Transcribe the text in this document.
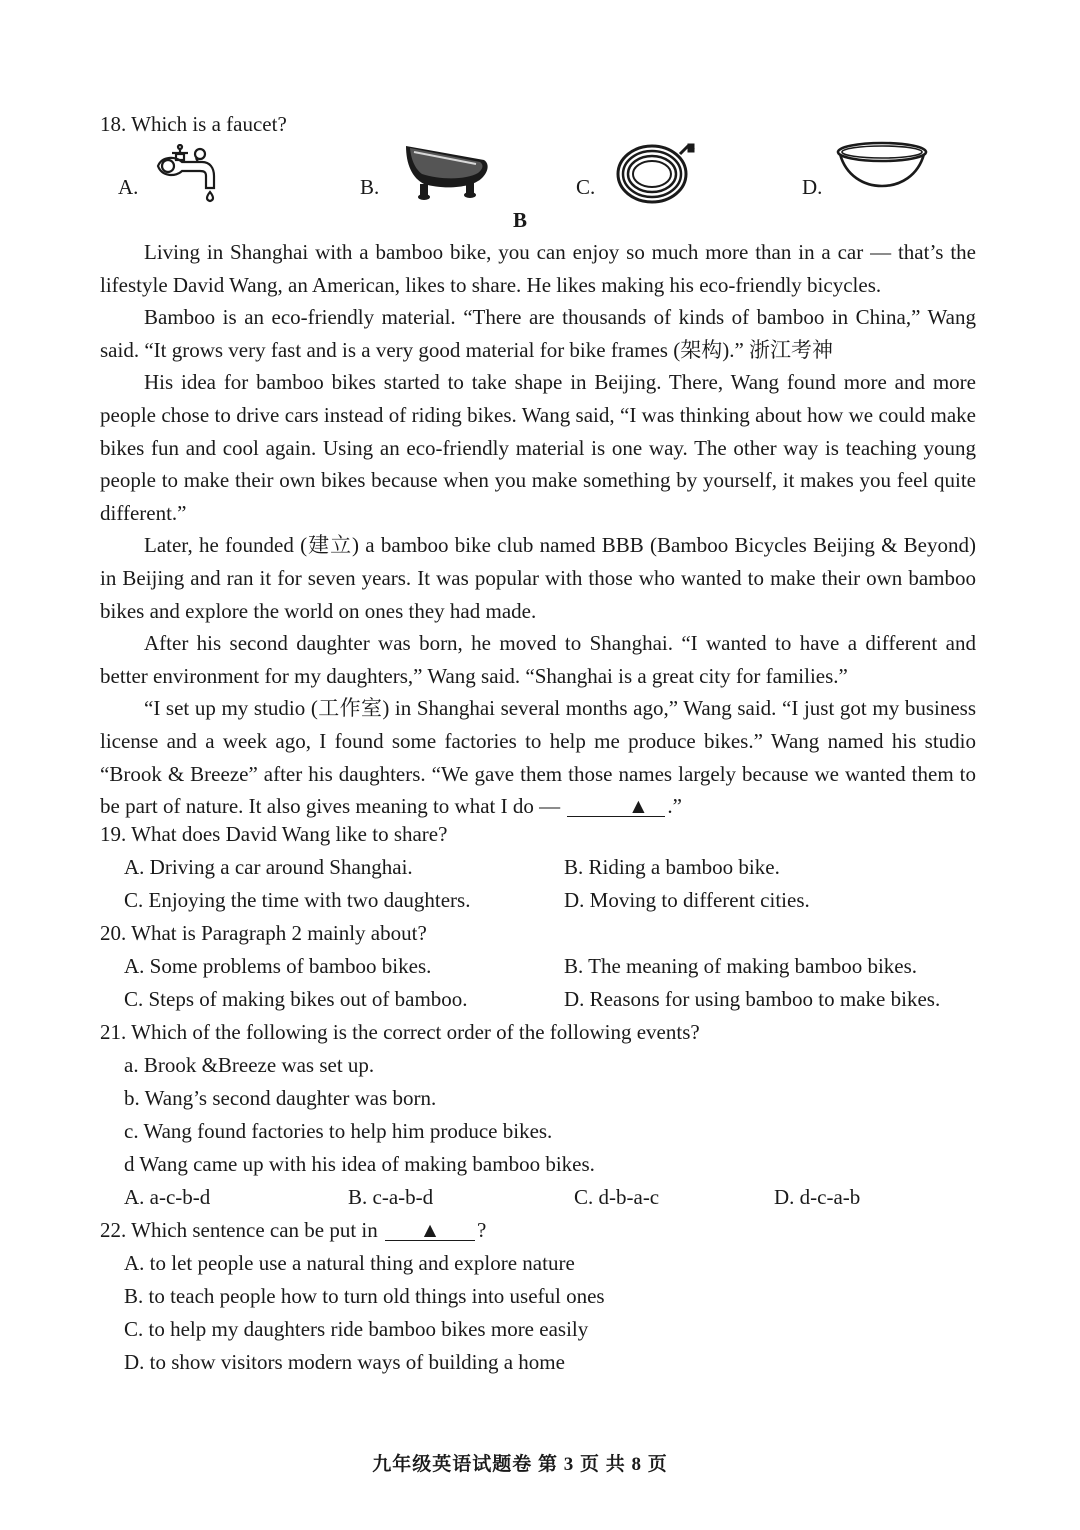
18. Which is a faucet?
A.	B.	C.	D.
B

Living in Shanghai with a bamboo bike, you can enjoy so much more than in a car — that’s the lifestyle David Wang, an American, likes to share. He likes making his eco-friendly bicycles.

Bamboo is an eco-friendly material. “There are thousands of kinds of bamboo in China,” Wang said. “It grows very fast and is a very good material for bike frames (架构).” 浙江考神

His idea for bamboo bikes started to take shape in Beijing. There, Wang found more and more people chose to drive cars instead of riding bikes. Wang said, “I was thinking about how we could make bikes fun and cool again. Using an eco-friendly material is one way. The other way is teaching young people to make their own bikes because when you make something by yourself, it makes you feel quite different.”

Later, he founded (建立) a bamboo bike club named BBB (Bamboo Bicycles Beijing & Beyond) in Beijing and ran it for seven years. It was popular with those who wanted to make their own bamboo bikes and explore the world on ones they had made.

After his second daughter was born, he moved to Shanghai. “I wanted to have a different and better environment for my daughters,” Wang said. “Shanghai is a great city for families.”

“I set up my studio (工作室) in Shanghai several months ago,” Wang said. “I just got my business license and a week ago, I found some factories to help me produce bikes.” Wang named his studio “Brook & Breeze” after his daughters. “We gave them those names largely because we wanted them to be part of nature. It also gives meaning to what I do —	▲ .”

19. What does David Wang like to share?

A. Driving a car around Shanghai.	B. Riding a bamboo bike.
C. Enjoying the time with two daughters.	D. Moving to different cities.

20. What is Paragraph 2 mainly about?

A. Some problems of bamboo bikes.	B. The meaning of making bamboo bikes.
C. Steps of making bikes out of bamboo.	D. Reasons for using bamboo to make bikes.

21. Which of the following is the correct order of the following events?

a. Brook &Breeze was set up.
b. Wang’s second daughter was born.
c. Wang found factories to help him produce bikes.
d Wang came up with his idea of making bamboo bikes.
A. a-c-b-d	B. c-a-b-d	C. d-b-a-c	D. d-c-a-b

22. Which sentence can be put in ▲ ?

A. to let people use a natural thing and explore nature
B. to teach people how to turn old things into useful ones
C. to help my daughters ride bamboo bikes more easily
D. to show visitors modern ways of building a home
九年级英语试题卷 第 3 页 共 8 页
